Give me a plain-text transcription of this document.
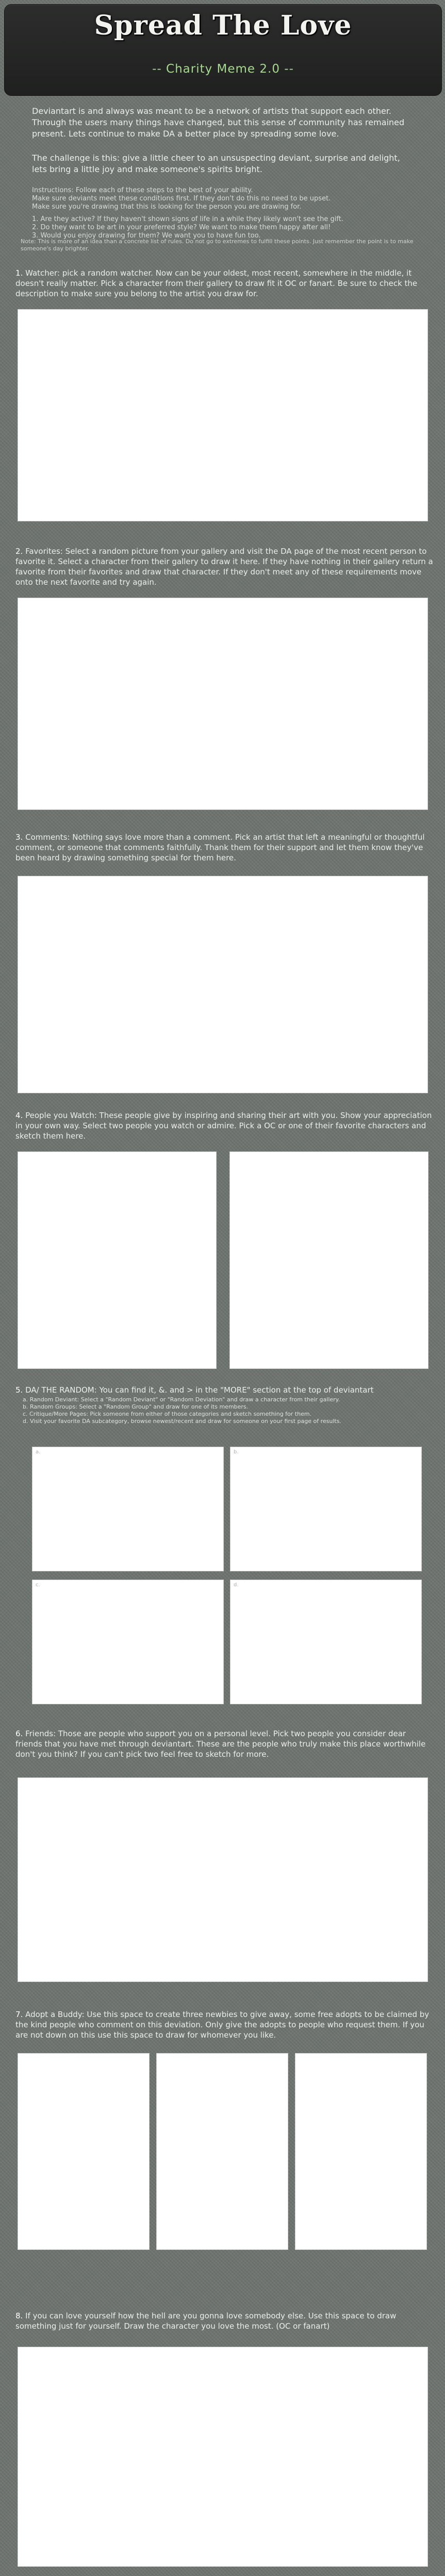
Spread The Love
-- Charity Meme 2.0 --
Deviantart is and always was meant to be a network of artists that support each other. Through the users many things have changed, but this sense of community has remained present. Lets continue to make DA a better place by spreading some love.
The challenge is this: give a little cheer to an unsuspecting deviant, surprise and delight, lets bring a little joy and make someone's spirits bright.

Instructions: Follow each of these steps to the best of your ability.

Make sure deviants meet these conditions first. If they don't do this no need to be upset.

Make sure you're drawing that this is looking for the person you are drawing for.

1. Are they active? If they haven't shown signs of life in a while they likely won't see the gift.

2. Do they want to be art in your preferred style? We want to make them happy after all!

3. Would you enjoy drawing for them? We want you to have fun too.

Note: This is more of an idea than a concrete list of rules. Do not go to extremes to fulfill these points. Just remember the point is to make someone's day brighter.
1. Watcher: pick a random watcher. Now can be your oldest, most recent, somewhere in the middle, it doesn't really matter. Pick a character from their gallery to draw fit it OC or fanart. Be sure to check the description to make sure you belong to the artist you draw for.
2. Favorites: Select a random picture from your gallery and visit the DA page of the most recent person to favorite it. Select a character from their gallery to draw it here. If they have nothing in their gallery return a favorite from their favorites and draw that character. If they don't meet any of these requirements move onto the next favorite and try again.
3. Comments: Nothing says love more than a comment. Pick an artist that left a meaningful or thoughtful comment, or someone that comments faithfully. Thank them for their support and let them know they've been heard by drawing something special for them here.
4. People you Watch: These people give by inspiring and sharing their art with you. Show your appreciation in your own way. Select two people you watch or admire. Pick a OC or one of their favorite characters and sketch them here.
5. DA/ THE RANDOM: You can find it, &. and > in the "MORE" section at the top of deviantart
a. Random Deviant: Select a "Random Deviant" or "Random Deviation" and draw a character from their gallery.
b. Random Groups: Select a "Random Group" and draw for one of its members.
c. Critique/More Pages: Pick someone from either of those categories and sketch something for them.
d. Visit your favorite DA subcategory, browse newest/recent and draw for someone on your first page of results.
a.	b.
c.	d.
6. Friends: Those are people who support you on a personal level. Pick two people you consider dear friends that you have met through deviantart. These are the people who truly make this place worthwhile don't you think? If you can't pick two feel free to sketch for more.
7. Adopt a Buddy: Use this space to create three newbies to give away, some free adopts to be claimed by the kind people who comment on this deviation. Only give the adopts to people who request them. If you are not down on this use this space to draw for whomever you like.
8. If you can love yourself how the hell are you gonna love somebody else. Use this space to draw something just for yourself. Draw the character you love the most. (OC or fanart)
